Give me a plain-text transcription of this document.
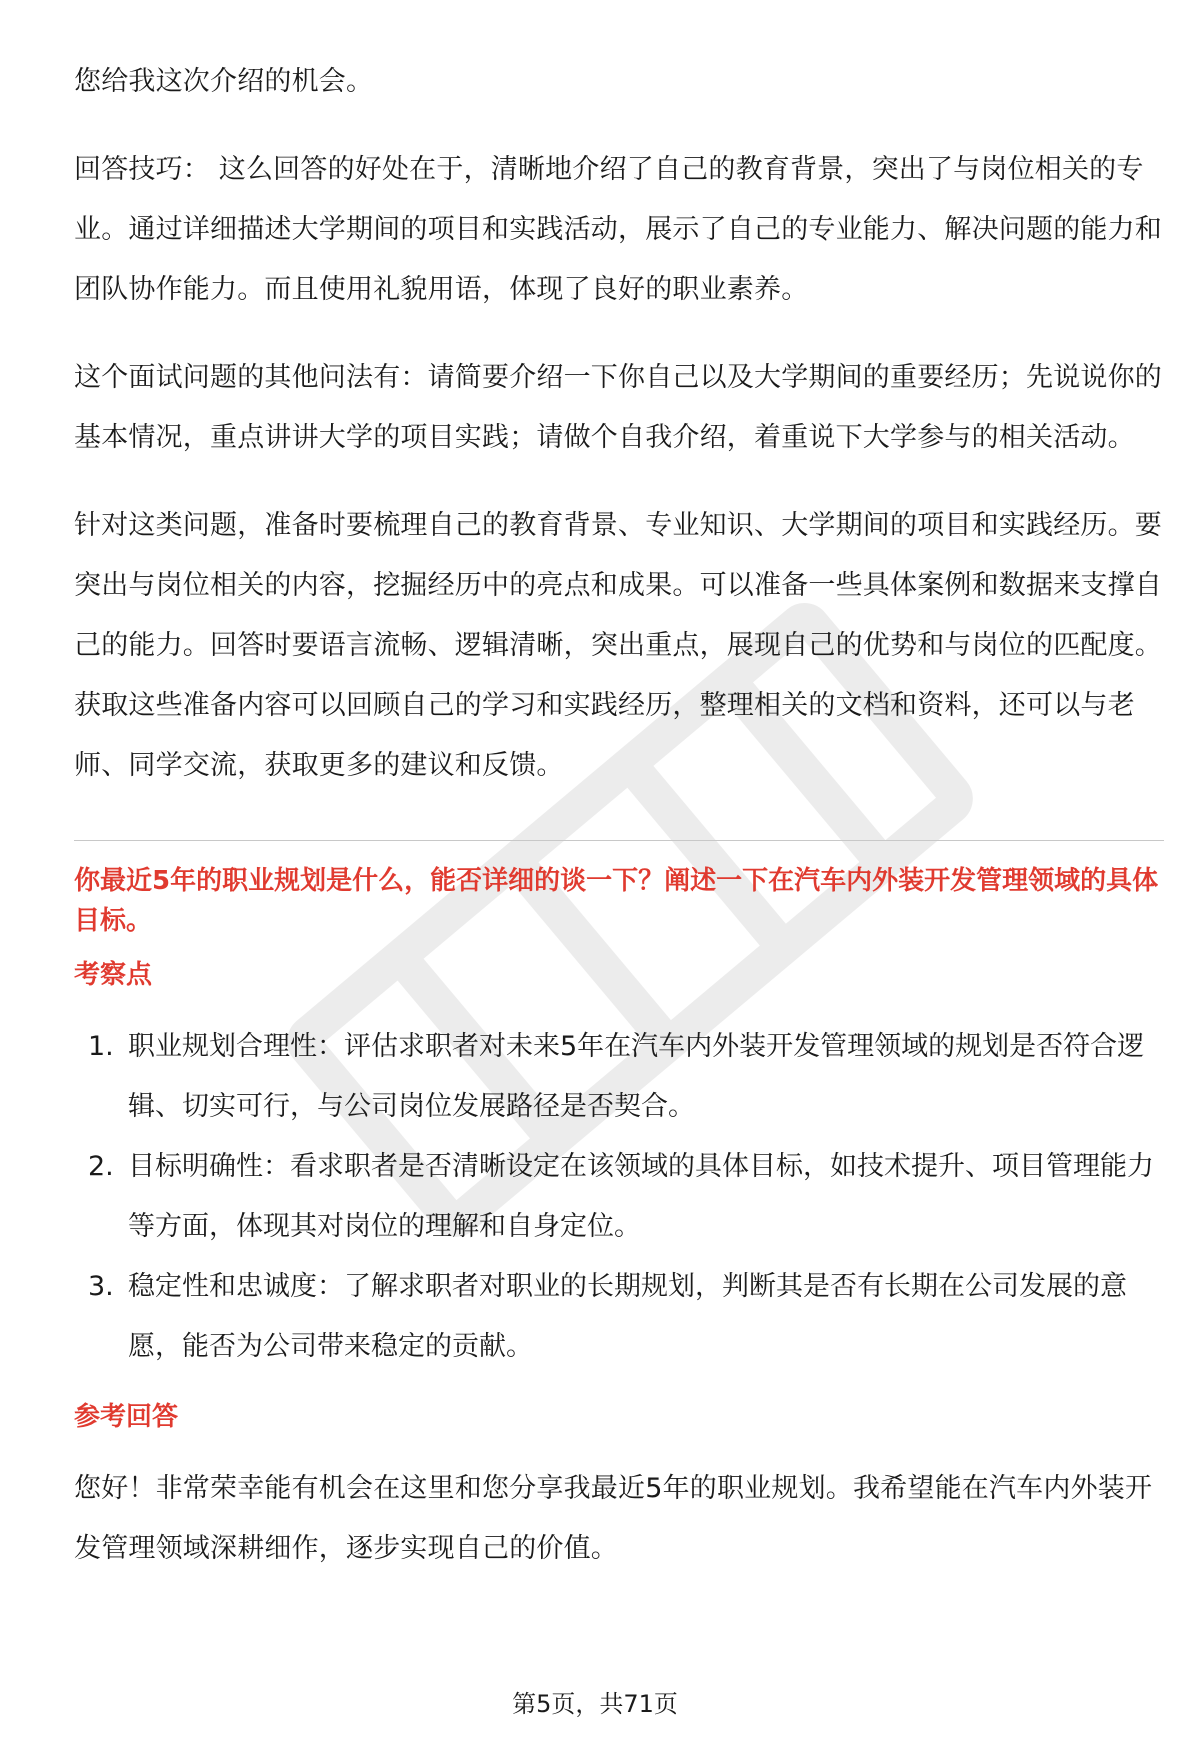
您给我这次介绍的机会。

回答技巧： 这么回答的好处在于，清晰地介绍了自己的教育背景，突出了与岗位相关的专业。通过详细描述大学期间的项目和实践活动，展示了自己的专业能力、解决问题的能力和团队协作能力。而且使用礼貌用语，体现了良好的职业素养。

这个面试问题的其他问法有：请简要介绍一下你自己以及大学期间的重要经历；先说说你的基本情况，重点讲讲大学的项目实践；请做个自我介绍，着重说下大学参与的相关活动。

针对这类问题，准备时要梳理自己的教育背景、专业知识、大学期间的项目和实践经历。要突出与岗位相关的内容，挖掘经历中的亮点和成果。可以准备一些具体案例和数据来支撑自己的能力。回答时要语言流畅、逻辑清晰，突出重点，展现自己的优势和与岗位的匹配度。获取这些准备内容可以回顾自己的学习和实践经历，整理相关的文档和资料，还可以与老师、同学交流，获取更多的建议和反馈。

你最近5年的职业规划是什么，能否详细的谈一下？阐述一下在汽车内外装开发管理领域的具体目标。
考察点
1. 职业规划合理性：评估求职者对未来5年在汽车内外装开发管理领域的规划是否符合逻辑、切实可行，与公司岗位发展路径是否契合。
2. 目标明确性：看求职者是否清晰设定在该领域的具体目标，如技术提升、项目管理能力等方面，体现其对岗位的理解和自身定位。
3. 稳定性和忠诚度：了解求职者对职业的长期规划，判断其是否有长期在公司发展的意愿，能否为公司带来稳定的贡献。
参考回答

您好！非常荣幸能有机会在这里和您分享我最近5年的职业规划。我希望能在汽车内外装开发管理领域深耕细作，逐步实现自己的价值。

第5页，共71页
